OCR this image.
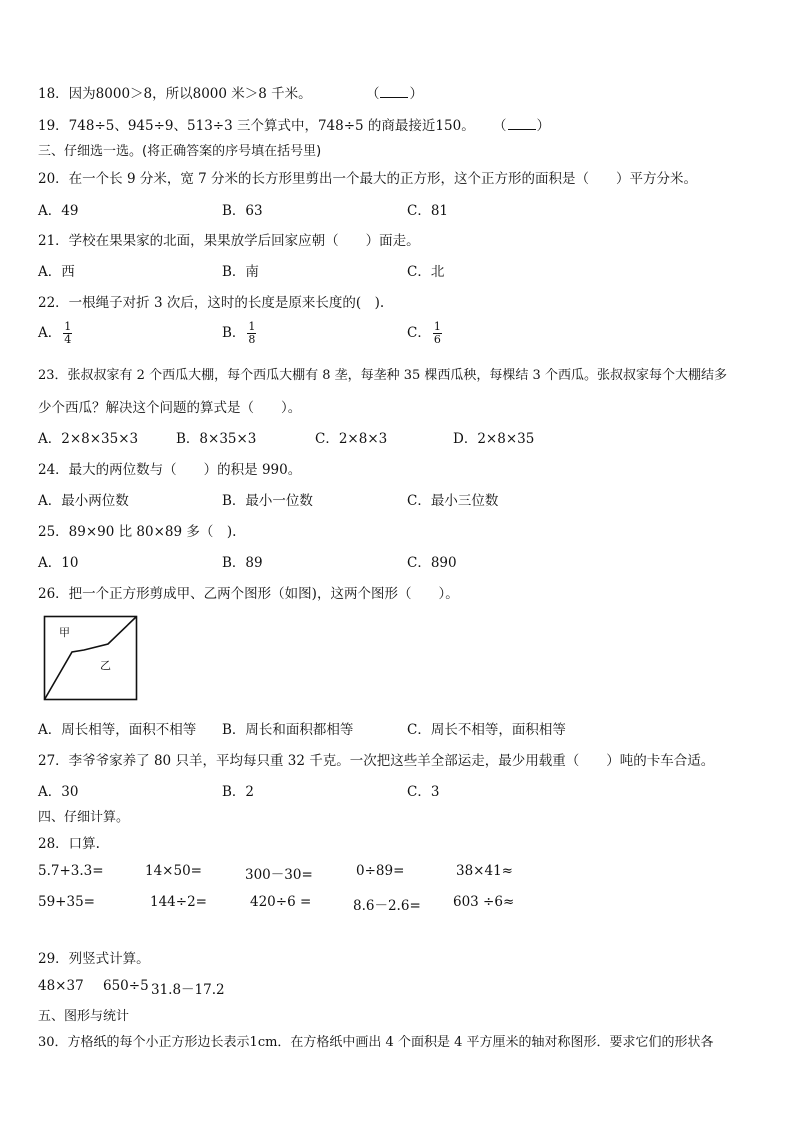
18．因为8000＞8，所以8000 米＞8 千米。	（ ）
19．748÷5、945÷9、513÷3 三个算式中，748÷5 的商最接近150。 （ ）
三、仔细选一选。(将正确答案的序号填在括号里)
20．在一个长 9 分米，宽 7 分米的长方形里剪出一个最大的正方形，这个正方形的面积是（　　）平方分米。
A．49	B．63	C．81
21．学校在果果家的北面，果果放学后回家应朝（　　）面走。
A．西	B．南	C．北
22．一根绳子对折 3 次后，这时的长度是原来长度的(　).
A． $\frac{1}{4}$	B． $\frac{1}{8}$	C． $\frac{1}{6}$
23．张叔叔家有 2 个西瓜大棚，每个西瓜大棚有 8 垄，每垄种 35 棵西瓜秧，每棵结 3 个西瓜。张叔叔家每个大棚结多
少个西瓜？解决这个问题的算式是（　　）。
A．2×8×35×3	B．8×35×3	C．2×8×3	D．2×8×35
24．最大的两位数与（　　）的积是 990。
A．最小两位数	B．最小一位数	C．最小三位数
25．89×90 比 80×89 多（　).
A．10	B．89	C．890
26．把一个正方形剪成甲、乙两个图形（如图)，这两个图形（　　）。
甲
乙
A．周长相等，面积不相等 B．周长和面积都相等	C．周长不相等，面积相等
27．李爷爷家养了 80 只羊，平均每只重 32 千克。一次把这些羊全部运走，最少用载重（　　）吨的卡车合适。
A．30	B．2	C．3
四、仔细计算。
28．口算.
5.7+3.3=	14×50=	300－30=	0÷89=	38×41≈
59+35=	144÷2=	420÷6 =	8.6－2.6= 603 ÷6≈
29．列竖式计算。
48×37 650÷5 31.8－17.2
五、图形与统计
30．方格纸的每个小正方形边长表示1cm．在方格纸中画出 4 个面积是 4 平方厘米的轴对称图形．要求它们的形状各
